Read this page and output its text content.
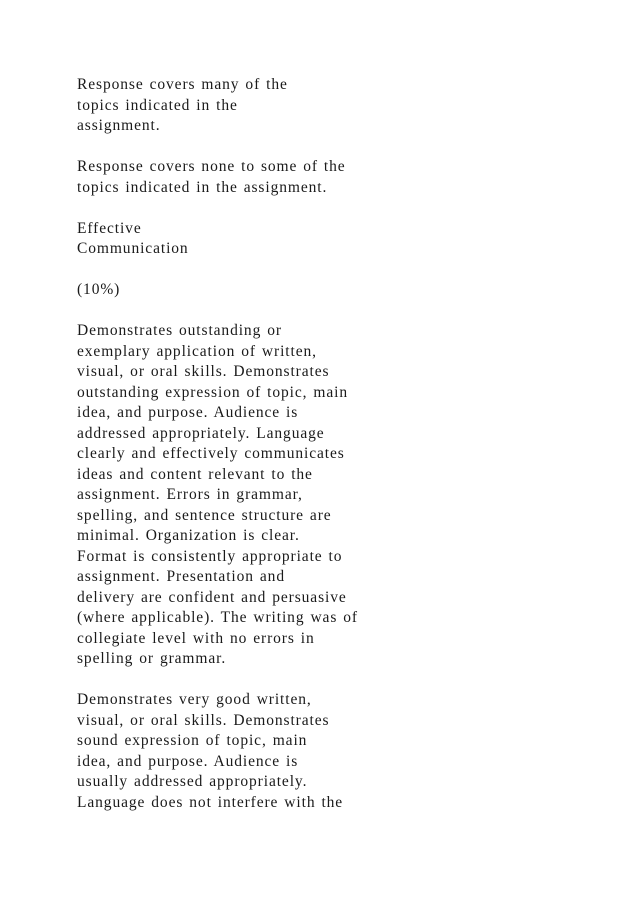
Response covers many of the
topics indicated in the
assignment.

Response covers none to some of the
topics indicated in the assignment.

Effective
Communication

(10%)

Demonstrates outstanding or
exemplary application of written,
visual, or oral skills. Demonstrates
outstanding expression of topic, main
idea, and purpose. Audience is
addressed appropriately. Language
clearly and effectively communicates
ideas and content relevant to the
assignment. Errors in grammar,
spelling, and sentence structure are
minimal. Organization is clear.
Format is consistently appropriate to
assignment. Presentation and
delivery are confident and persuasive
(where applicable). The writing was of
collegiate level with no errors in
spelling or grammar.

Demonstrates very good written,
visual, or oral skills. Demonstrates
sound expression of topic, main
idea, and purpose. Audience is
usually addressed appropriately.
Language does not interfere with the
